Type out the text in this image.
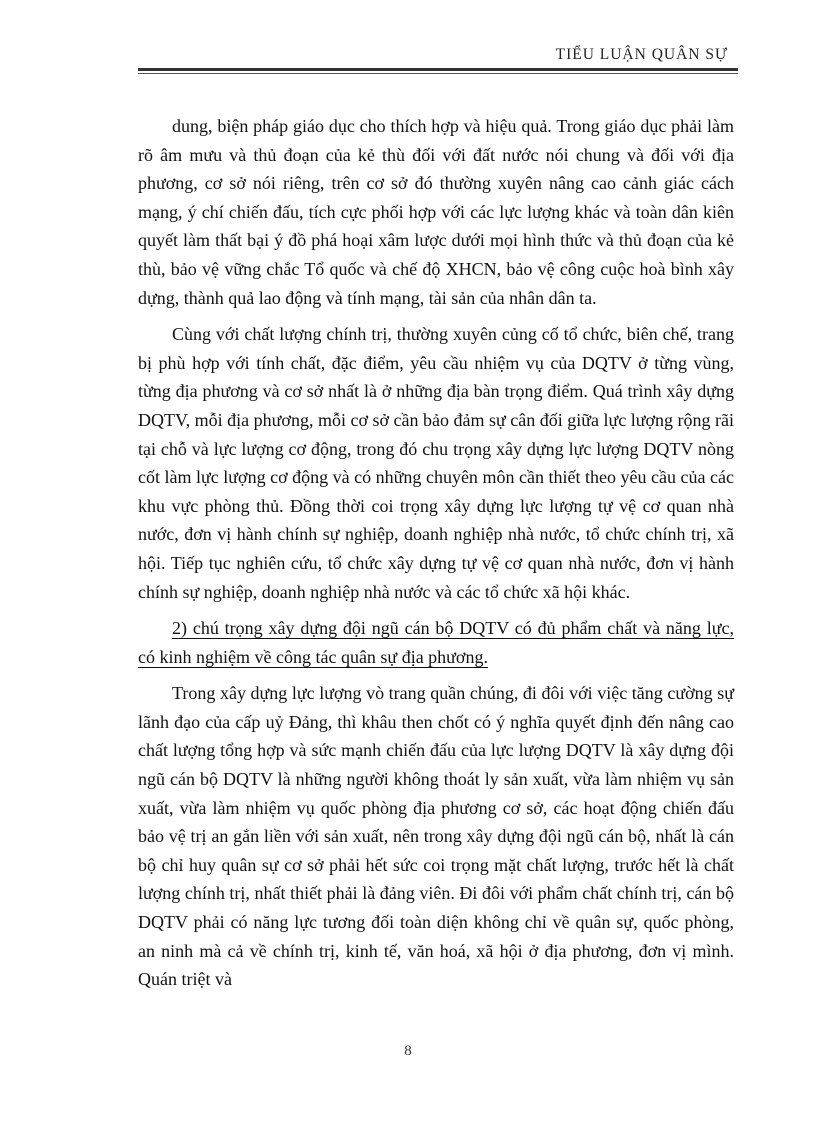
TIỂU LUẬN QUÂN SỰ

dung, biện pháp giáo dục cho thích hợp và hiệu quả. Trong giáo dục phải làm rõ âm mưu và thủ đoạn của kẻ thù đối với đất nước nói chung và đối với địa phương, cơ sở nói riêng, trên cơ sở đó thường xuyên nâng cao cảnh giác cách mạng, ý chí chiến đấu, tích cực phối hợp với các lực lượng khác và toàn dân kiên quyết làm thất bại ý đồ phá hoại xâm lược dưới mọi hình thức và thủ đoạn của kẻ thù, bảo vệ vững chắc Tổ quốc và chế độ XHCN, bảo vệ công cuộc hoà bình xây dựng, thành quả lao động và tính mạng, tài sản của nhân dân ta.

Cùng với chất lượng chính trị, thường xuyên củng cố tổ chức, biên chế, trang bị phù hợp với tính chất, đặc điểm, yêu cầu nhiệm vụ của DQTV ở từng vùng, từng địa phương và cơ sở nhất là ở những địa bàn trọng điểm. Quá trình xây dựng DQTV, mỗi địa phương, mỗi cơ sở cần bảo đảm sự cân đối giữa lực lượng rộng rãi tại chỗ và lực lượng cơ động, trong đó chu trọng xây dựng lực lượng DQTV nòng cốt làm lực lượng cơ động và có những chuyên môn cần thiết theo yêu cầu của các khu vực phòng thủ. Đồng thời coi trọng xây dựng lực lượng tự vệ cơ quan nhà nước, đơn vị hành chính sự nghiệp, doanh nghiệp nhà nước, tổ chức chính trị, xã hội. Tiếp tục nghiên cứu, tổ chức xây dựng tự vệ cơ quan nhà nước, đơn vị hành chính sự nghiệp, doanh nghiệp nhà nước và các tổ chức xã hội khác.

2) chú trọng xây dựng đội ngũ cán bộ DQTV có đủ phẩm chất và năng lực, có kinh nghiệm về công tác quân sự địa phương.

Trong xây dựng lực lượng vò trang quần chúng, đi đôi với việc tăng cường sự lãnh đạo của cấp uỷ Đảng, thì khâu then chốt có ý nghĩa quyết định đến nâng cao chất lượng tổng hợp và sức mạnh chiến đấu của lực lượng DQTV là xây dựng đội ngũ cán bộ DQTV là những người không thoát ly sản xuất, vừa làm nhiệm vụ sản xuất, vừa làm nhiệm vụ quốc phòng địa phương cơ sở, các hoạt động chiến đấu bảo vệ trị an gắn liền với sản xuất, nên trong xây dựng đội ngũ cán bộ, nhất là cán bộ chỉ huy quân sự cơ sở phải hết sức coi trọng mặt chất lượng, trước hết là chất lượng chính trị, nhất thiết phải là đảng viên. Đi đôi với phẩm chất chính trị, cán bộ DQTV phải có năng lực tương đối toàn diện không chỉ về quân sự, quốc phòng, an ninh mà cả về chính trị, kinh tế, văn hoá, xã hội ở địa phương, đơn vị mình. Quán triệt và

8
